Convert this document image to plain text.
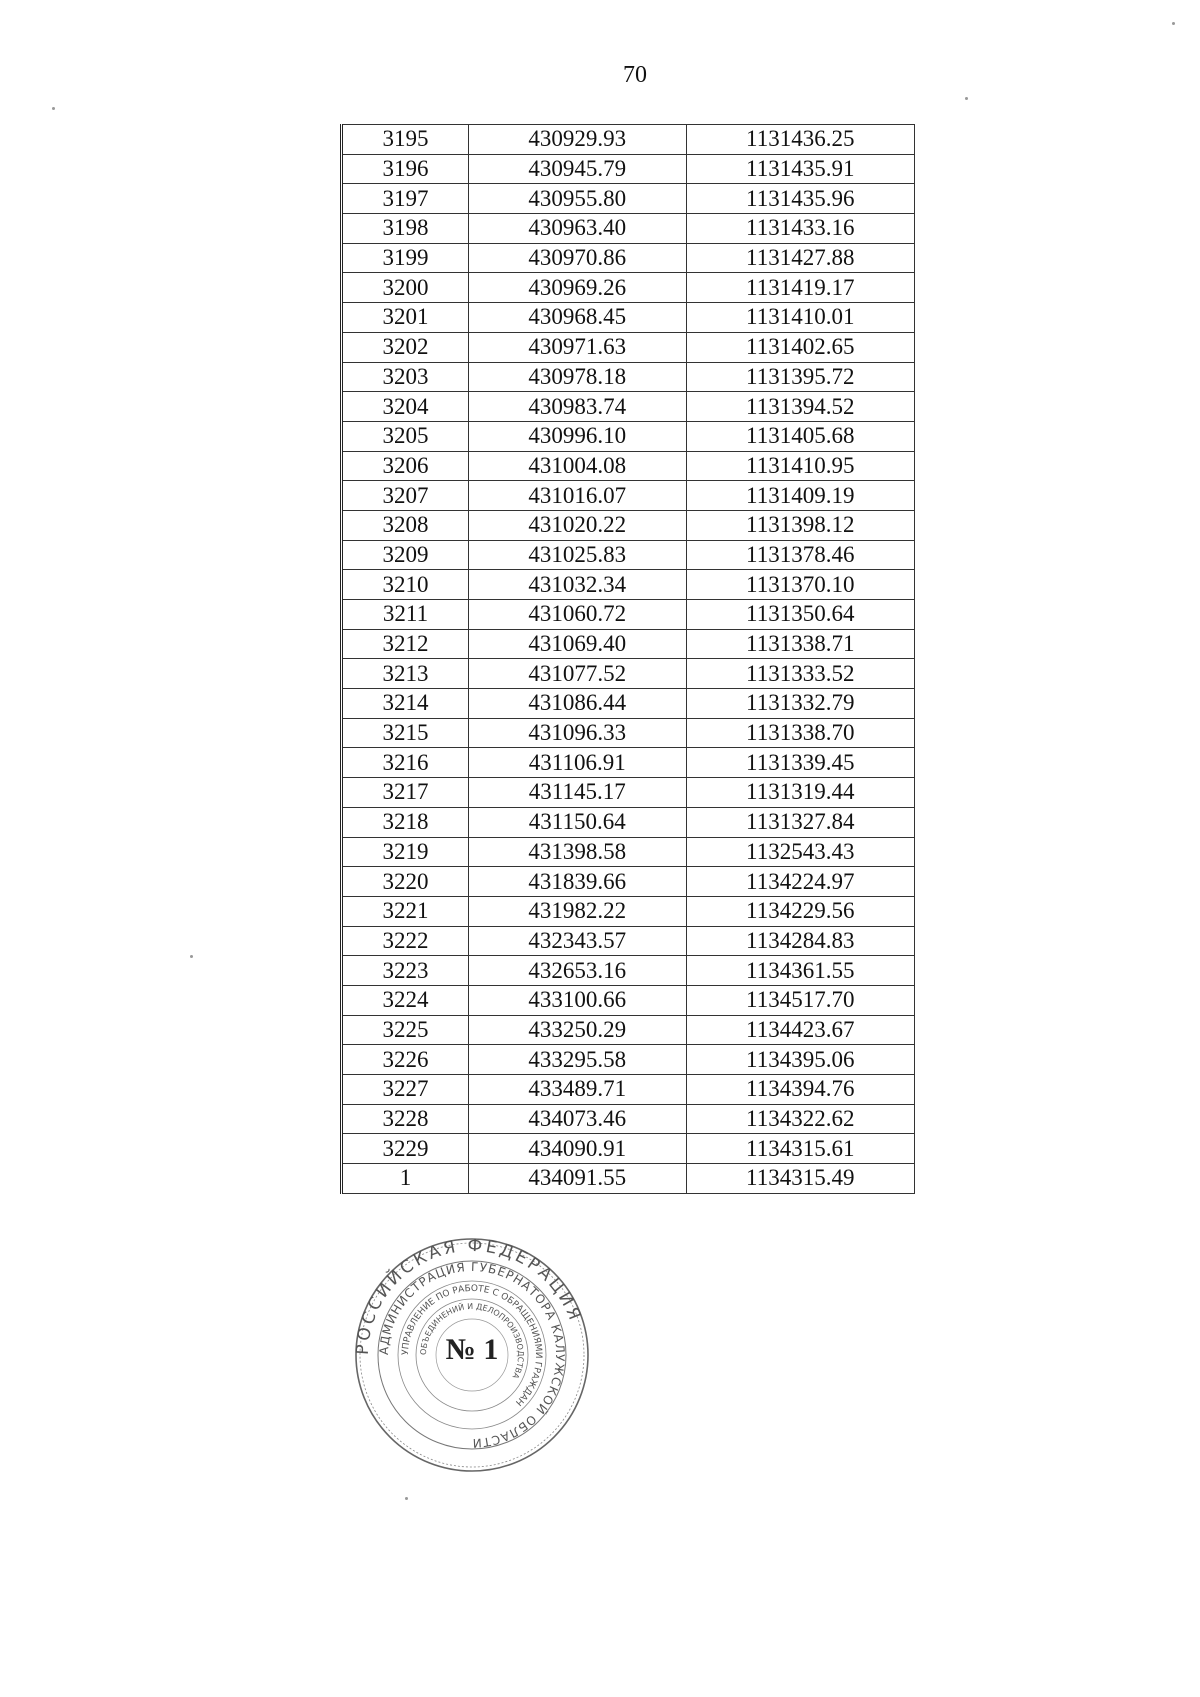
70
3195	430929.93	1131436.25
3196	430945.79	1131435.91
3197	430955.80	1131435.96
3198	430963.40	1131433.16
3199	430970.86	1131427.88
3200	430969.26	1131419.17
3201	430968.45	1131410.01
3202	430971.63	1131402.65
3203	430978.18	1131395.72
3204	430983.74	1131394.52
3205	430996.10	1131405.68
3206	431004.08	1131410.95
3207	431016.07	1131409.19
3208	431020.22	1131398.12
3209	431025.83	1131378.46
3210	431032.34	1131370.10
3211	431060.72	1131350.64
3212	431069.40	1131338.71
3213	431077.52	1131333.52
3214	431086.44	1131332.79
3215	431096.33	1131338.70
3216	431106.91	1131339.45
3217	431145.17	1131319.44
3218	431150.64	1131327.84
3219	431398.58	1132543.43
3220	431839.66	1134224.97
3221	431982.22	1134229.56
3222	432343.57	1134284.83
3223	432653.16	1134361.55
3224	433100.66	1134517.70
3225	433250.29	1134423.67
3226	433295.58	1134395.06
3227	433489.71	1134394.76
3228	434073.46	1134322.62
3229	434090.91	1134315.61
1	434091.55	1134315.49
РОССИЙСКАЯ ФЕДЕРАЦИЯ
АДМИНИСТРАЦИЯ ГУБЕРНАТОРА КАЛУЖСКОЙ ОБЛАСТИ
УПРАВЛЕНИЕ ПО РАБОТЕ С ОБРАЩЕНИЯМИ ГРАЖДАН
ОБЪЕДИНЕНИЙ И ДЕЛОПРОИЗВОДСТВА
№ 1
